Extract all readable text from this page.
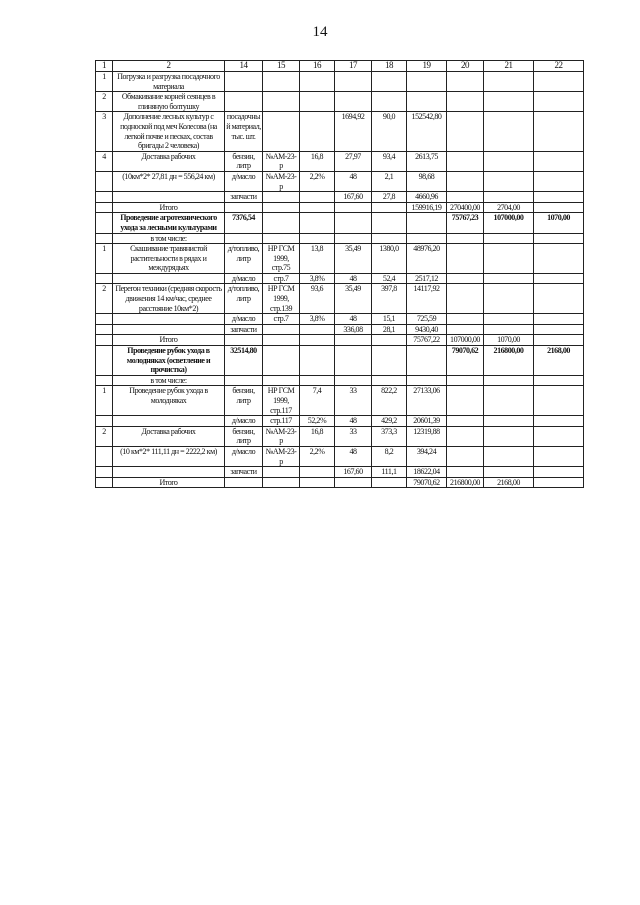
14
1	2	14	15	16	17	18	19	20	21	22
1	Погрузка и разгрузка посадочного материала									
2	Обмакивание корней сеянцев в глиняную болтушку									
3	Дополнение лесных культур с подноской под меч Колесова (на легкой почве и песках, состав бригады 2 человека)	посадочный материал, тыс. шт.			1694,92	90,0	152542,80			
4	Доставка рабочих	бензин, литр	№АМ-23-р	16,8	27,97	93,4	2613,75			
	(10км*2* 27,81 дн = 556,24 км)	д/масло	№АМ-23-р	2,2%	48	2,1	98,68			
		запчасти			167,60	27,8	4660,96			
	Итого						159916,19	270400,00	2704,00	
	Проведение агротехнического ухода за лесными культурами	7376,54						75767,23	107000,00	1070,00
	в том числе:									
1	Скашивание травянистой растительности в рядах и междурядьях	д/топливо, литр	НР ГСМ 1999, стр.75	13,8	35,49	1380,0	48976,20			
		д/масло	стр.7	3,8%	48	52,4	2517,12			
2	Перегон техники (средняя скорость движения 14 км/час, среднее расстояние 10км*2)	д/топливо, литр	НР ГСМ 1999, стр.139	93,6	35,49	397,8	14117,92			
		д/масло	стр.7	3,8%	48	15,1	725,59			
		запчасти			336,08	28,1	9430,40			
	Итого						75767,22	107000,00	1070,00	
	Проведение рубок ухода в молодняках (осветление и прочистка)	32514,80						79070,62	216800,00	2168,00
	в том числе:									
1	Проведение рубок ухода в молодняках	бензин, литр	НР ГСМ 1999, стр.117	7,4	33	822,2	27133,06			
		д/масло	стр.117	52,2%	48	429,2	20601,39			
2	Доставка рабочих	бензин, литр	№АМ-23-р	16,8	33	373,3	12319,88			
	(10 км*2* 111,11 дн = 2222,2 км)	д/масло	№АМ-23-р	2,2%	48	8,2	394,24			
		запчасти			167,60	111,1	18622,04			
	Итого						79070,62	216800,00	2168,00	
